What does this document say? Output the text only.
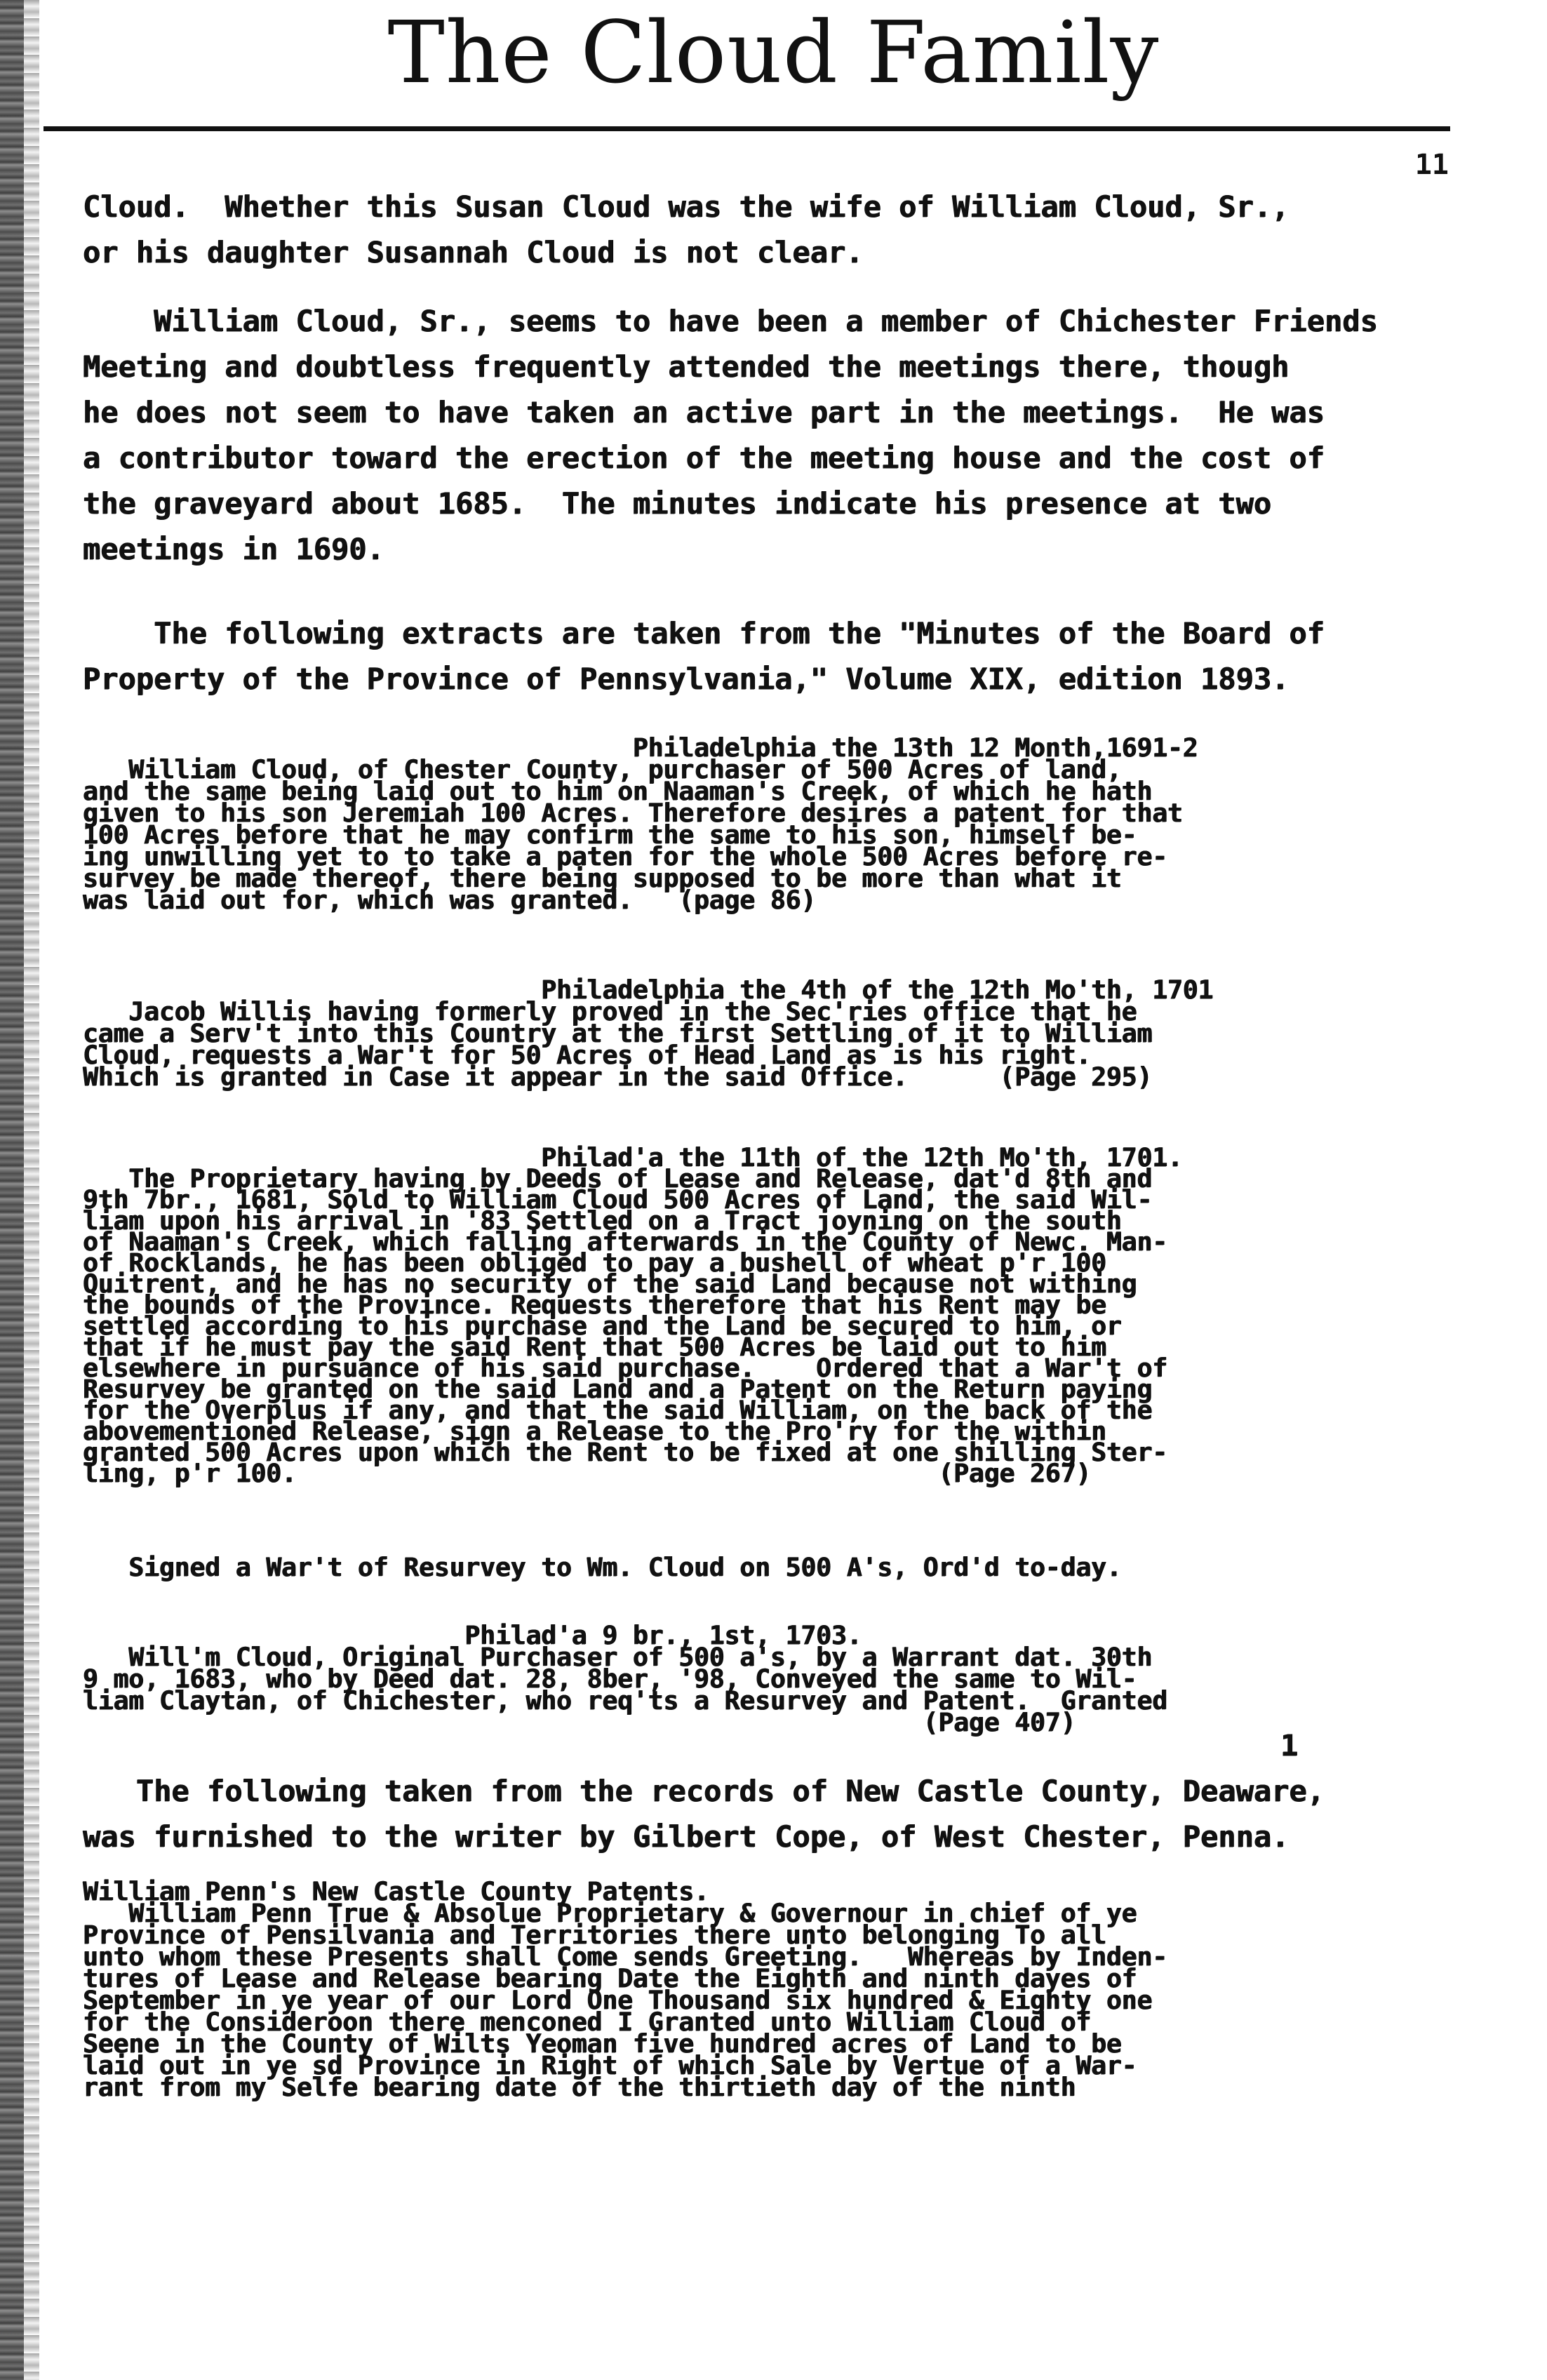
The Cloud Family
11
Cloud.  Whether this Susan Cloud was the wife of William Cloud, Sr.,
or his daughter Susannah Cloud is not clear.
William Cloud, Sr., seems to have been a member of Chichester Friends
Meeting and doubtless frequently attended the meetings there, though
he does not seem to have taken an active part in the meetings.  He was
a contributor toward the erection of the meeting house and the cost of
the graveyard about 1685.  The minutes indicate his presence at two
meetings in 1690.
The following extracts are taken from the "Minutes of the Board of
Property of the Province of Pennsylvania," Volume XIX, edition 1893.
Philadelphia the 13th 12 Month,1691-2
William Cloud, of Chester County, purchaser of 500 Acres of land,
and the same being laid out to him on Naaman's Creek, of which he hath
given to his son Jeremiah 100 Acres. Therefore desires a patent for that
100 Acres before that he may confirm the same to his son, himself be-
ing unwilling yet to to take a paten for the whole 500 Acres before re-
survey be made thereof, there being supposed to be more than what it
was laid out for, which was granted.   (page 86)
Philadelphia the 4th of the 12th Mo'th, 1701
Jacob Willis having formerly proved in the Sec'ries office that he
came a Serv't into this Country at the first Settling of it to William
Cloud, requests a War't for 50 Acres of Head Land as is his right.
Which is granted in Case it appear in the said Office.      (Page 295)
Philad'a the 11th of the 12th Mo'th, 1701.
The Proprietary having by Deeds of Lease and Release, dat'd 8th and
9th 7br., 1681, Sold to William Cloud 500 Acres of Land, the said Wil-
liam upon his arrival in '83 Settled on a Tract joyning on the south
of Naaman's Creek, which falling afterwards in the County of Newc. Man-
of Rocklands, he has been obliged to pay a bushell of wheat p'r 100
Quitrent, and he has no security of the said Land because not withing
the bounds of the Province. Requests therefore that his Rent may be
settled according to his purchase and the Land be secured to him, or
that if he must pay the said Rent that 500 Acres be laid out to him
elsewhere in pursuance of his said purchase.    Ordered that a War't of
Resurvey be granted on the said Land and a Patent on the Return paying
for the Overplus if any, and that the said William, on the back of the
abovementioned Release, sign a Release to the Pro'ry for the within
granted 500 Acres upon which the Rent to be fixed at one shilling Ster-
ling, p'r 100.                                          (Page 267)
Signed a War't of Resurvey to Wm. Cloud on 500 A's, Ord'd to-day.
Philad'a 9 br., 1st, 1703.
Will'm Cloud, Original Purchaser of 500 a's, by a Warrant dat. 30th
9 mo, 1683, who by Deed dat. 28, 8ber, '98, Conveyed the same to Wil-
liam Claytan, of Chichester, who req'ts a Resurvey and Patent.  Granted
(Page 407)
1
The following taken from the records of New Castle County, Deaware,
was furnished to the writer by Gilbert Cope, of West Chester, Penna.
William Penn's New Castle County Patents.
William Penn True & Absolue Proprietary & Governour in chief of ye
Province of Pensilvania and Territories there unto belonging To all
unto whom these Presents shall Come sends Greeting.   Whereas by Inden-
tures of Lease and Release bearing Date the Eighth and ninth dayes of
September in ye year of our Lord One Thousand six hundred & Eighty one
for the Consideroon there menconed I Granted unto William Cloud of
Seene in the County of Wilts Yeoman five hundred acres of Land to be
laid out in ye sd Province in Right of which Sale by Vertue of a War-
rant from my Selfe bearing date of the thirtieth day of the ninth
